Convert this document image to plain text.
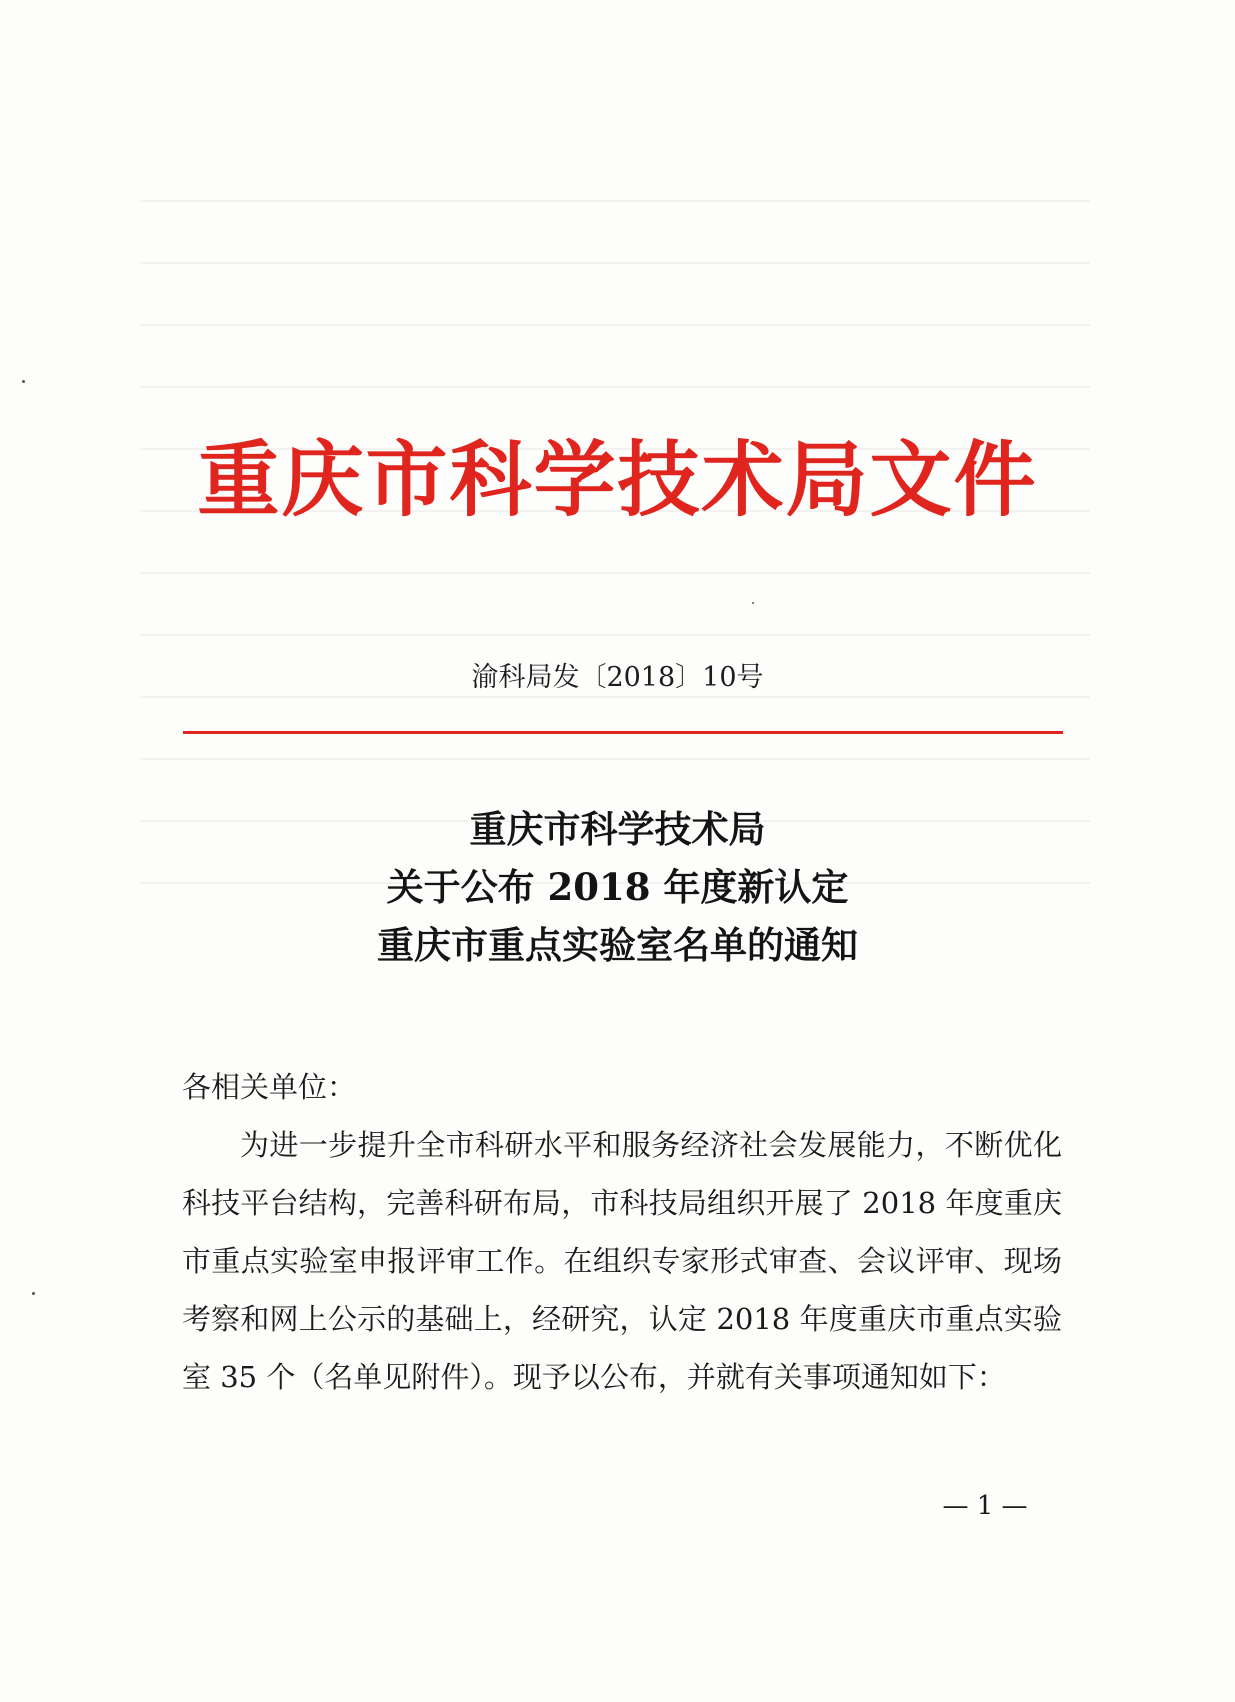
重庆市科学技术局文件
渝科局发〔2018〕10号
重庆市科学技术局
关于公布 2018 年度新认定
重庆市重点实验室名单的通知

各相关单位：

为进一步提升全市科研水平和服务经济社会发展能力，不断优化科技平台结构，完善科研布局，市科技局组织开展了 2018 年度重庆市重点实验室申报评审工作。在组织专家形式审查、会议评审、现场考察和网上公示的基础上，经研究，认定 2018 年度重庆市重点实验室 35 个（名单见附件）。现予以公布，并就有关事项通知如下：

— 1 —
